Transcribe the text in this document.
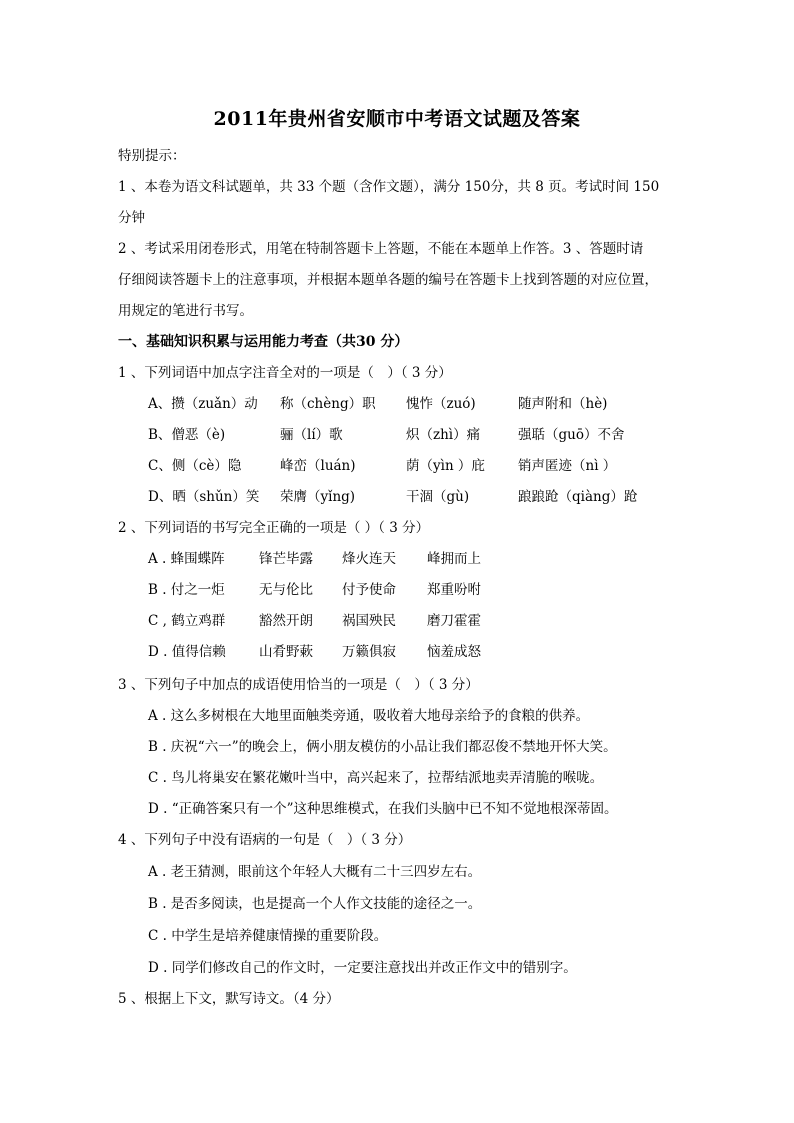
2011年贵州省安顺市中考语文试题及答案
特别提示：
1 、本卷为语文科试题单，共 33 个题（含作文题），满分 150分，共 8 页。考试时间 150
分钟
2 、考试采用闭卷形式，用笔在特制答题卡上答题，不能在本题单上作答。3 、答题时请
仔细阅读答题卡上的注意事项，并根据本题单各题的编号在答题卡上找到答题的对应位置，
用规定的笔进行书写。
一、基础知识积累与运用能力考查（共30 分）
1 、下列词语中加点字注音全对的一项是（　）（ 3 分）
A、攒（zuǎn）动 称（chèng）职 愧怍（zuó)	随声附和（hè)
B、僧恶（è)	骊（lí）歌	炽（zhì）痛	强聒（guō）不舍
C、侧（cè）隐	峰峦（luán)	荫（yìn ）庇 销声匿迹（nì ）
D、晒（shǔn）笑 荣膺（yǐng)	干涸（gù)	踉踉跄（qiàng）跄
2 、下列词语的书写完全正确的一项是（ ）（ 3 分）
A . 蜂围蝶阵	锋芒毕露 烽火连天 峰拥而上
B . 付之一炬	无与伦比 付予使命 郑重吩咐
C , 鹤立鸡群	豁然开朗 祸国殃民 磨刀霍霍
D . 值得信赖 山肴野蔌 万籁俱寂 恼羞成怒
3 、下列句子中加点的成语使用恰当的一项是（　）（ 3 分）
A . 这么多树根在大地里面触类旁通，吸收着大地母亲给予的食粮的供养。
B . 庆祝“六一”的晚会上，俩小朋友模仿的小品让我们都忍俊不禁地开怀大笑。
C . 鸟儿将巢安在繁花嫩叶当中，高兴起来了，拉帮结派地卖弄清脆的喉咙。
D . “正确答案只有一个”这种思维模式，在我们头脑中已不知不觉地根深蒂固。
4 、下列句子中没有语病的一句是（　）（ 3 分）
A . 老王猜测，眼前这个年轻人大概有二十三四岁左右。
B . 是否多阅读，也是提高一个人作文技能的途径之一。
C . 中学生是培养健康情操的重要阶段。
D . 同学们修改自己的作文时，一定要注意找出并改正作文中的错别字。
5 、根据上下文，默写诗文。（4 分）
